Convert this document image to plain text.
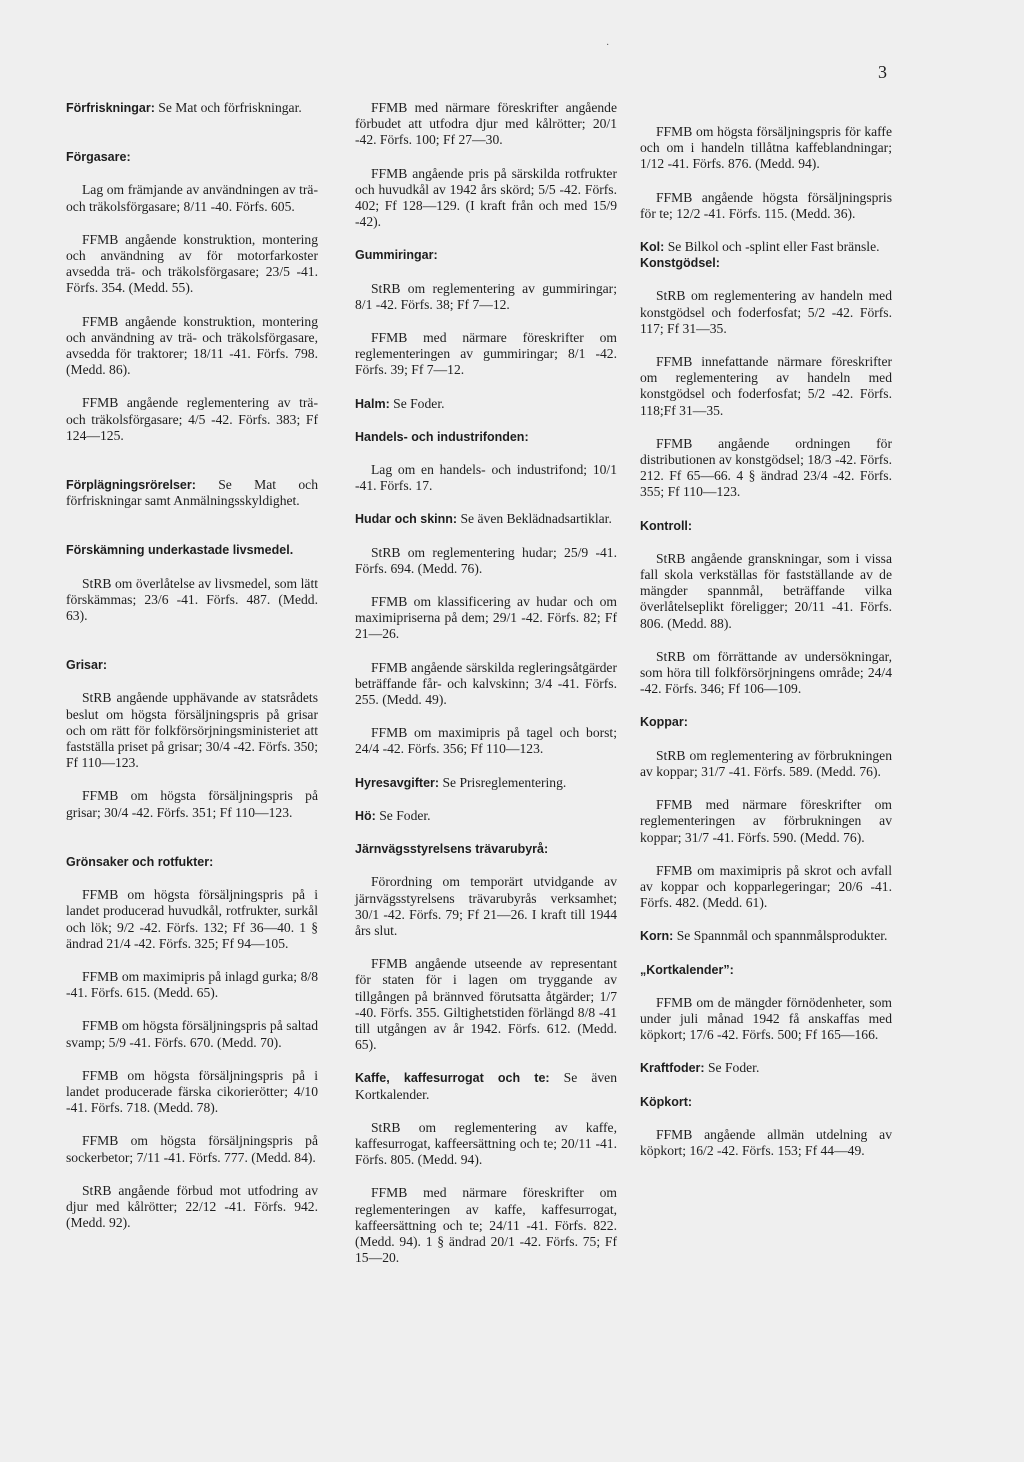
3
·

Förfriskningar: Se Mat och förfriskningar.

Förgasare:

Lag om främjande av användningen av trä- och träkolsförgasare; 8/11 -40. Förfs. 605.

FFMB angående konstruktion, montering och användning av för motorfarkoster avsedda trä- och träkolsförgasare; 23/5 -41. Förfs. 354. (Medd. 55).

FFMB angående konstruktion, montering och användning av trä- och träkolsförgasare, avsedda för traktorer; 18/11 -41. Förfs. 798. (Medd. 86).

FFMB angående reglementering av trä- och träkolsförgasare; 4/5 -42. Förfs. 383; Ff 124—125.

Förplägningsrörelser: Se Mat och förfriskningar samt Anmälningsskyldighet.

Förskämning underkastade livsmedel.

StRB om överlåtelse av livsmedel, som lätt förskämmas; 23/6 -41. Förfs. 487. (Medd. 63).

Grisar:

StRB angående upphävande av statsrådets beslut om högsta försäljningspris på grisar och om rätt för folkförsörjningsministeriet att fastställa priset på grisar; 30/4 -42. Förfs. 350; Ff 110—123.

FFMB om högsta försäljningspris på grisar; 30/4 -42. Förfs. 351; Ff 110—123.

Grönsaker och rotfukter:

FFMB om högsta försäljningspris på i landet producerad huvudkål, rotfrukter, surkål och lök; 9/2 -42. Förfs. 132; Ff 36—40. 1 § ändrad 21/4 -42. Förfs. 325; Ff 94—105.

FFMB om maximipris på inlagd gurka; 8/8 -41. Förfs. 615. (Medd. 65).

FFMB om högsta försäljningspris på saltad svamp; 5/9 -41. Förfs. 670. (Medd. 70).

FFMB om högsta försäljningspris på i landet producerade färska cikorierötter; 4/10 -41. Förfs. 718. (Medd. 78).

FFMB om högsta försäljningspris på sockerbetor; 7/11 -41. Förfs. 777. (Medd. 84).

StRB angående förbud mot utfodring av djur med kålrötter; 22/12 -41. Förfs. 942. (Medd. 92).

FFMB med närmare föreskrifter angående förbudet att utfodra djur med kålrötter; 20/1 -42. Förfs. 100; Ff 27—30.

FFMB angående pris på särskilda rotfrukter och huvudkål av 1942 års skörd; 5/5 -42. Förfs. 402; Ff 128—129. (I kraft från och med 15/9 -42).

Gummiringar:

StRB om reglementering av gummiringar; 8/1 -42. Förfs. 38; Ff 7—12.

FFMB med närmare föreskrifter om reglementeringen av gummiringar; 8/1 -42. Förfs. 39; Ff 7—12.

Halm: Se Foder.

Handels- och industrifonden:

Lag om en handels- och industrifond; 10/1 -41. Förfs. 17.

Hudar och skinn: Se även Beklädnadsartiklar.

StRB om reglementering hudar; 25/9 -41. Förfs. 694. (Medd. 76).

FFMB om klassificering av hudar och om maximipriserna på dem; 29/1 -42. Förfs. 82; Ff 21—26.

FFMB angående särskilda regleringsåtgärder beträffande får- och kalvskinn; 3/4 -41. Förfs. 255. (Medd. 49).

FFMB om maximipris på tagel och borst; 24/4 -42. Förfs. 356; Ff 110—123.

Hyresavgifter: Se Prisreglementering.

Hö: Se Foder.

Järnvägsstyrelsens trävarubyrå:

Förordning om temporärt utvidgande av järnvägsstyrelsens trävarubyrås verksamhet; 30/1 -42. Förfs. 79; Ff 21—26. I kraft till 1944 års slut.

FFMB angående utseende av representant för staten för i lagen om tryggande av tillgången på brännved förutsatta åtgärder; 1/7 -40. Förfs. 355. Giltighetstiden förlängd 8/8 -41 till utgången av år 1942. Förfs. 612. (Medd. 65).

Kaffe, kaffesurrogat och te: Se även Kortkalender.

StRB om reglementering av kaffe, kaffesurrogat, kaffeersättning och te; 20/11 -41. Förfs. 805. (Medd. 94).

FFMB med närmare föreskrifter om reglementeringen av kaffe, kaffesurrogat, kaffeersättning och te; 24/11 -41. Förfs. 822. (Medd. 94). 1 § ändrad 20/1 -42. Förfs. 75; Ff 15—20.

FFMB om högsta försäljningspris för kaffe och om i handeln tillåtna kaffeblandningar; 1/12 -41. Förfs. 876. (Medd. 94).

FFMB angående högsta försäljningspris för te; 12/2 -41. Förfs. 115. (Medd. 36).

Kol: Se Bilkol och -splint eller Fast bränsle.

Konstgödsel:

StRB om reglementering av handeln med konstgödsel och foderfosfat; 5/2 -42. Förfs. 117; Ff 31—35.

FFMB innefattande närmare föreskrifter om reglementering av handeln med konstgödsel och foderfosfat; 5/2 -42. Förfs. 118;Ff 31—35.

FFMB angående ordningen för distributionen av konstgödsel; 18/3 -42. Förfs. 212. Ff 65—66. 4 § ändrad 23/4 -42. Förfs. 355; Ff 110—123.

Kontroll:

StRB angående granskningar, som i vissa fall skola verkställas för fastställande av de mängder spannmål, beträffande vilka överlåtelseplikt föreligger; 20/11 -41. Förfs. 806. (Medd. 88).

StRB om förrättande av undersökningar, som höra till folkförsörjningens område; 24/4 -42. Förfs. 346; Ff 106—109.

Koppar:

StRB om reglementering av förbrukningen av koppar; 31/7 -41. Förfs. 589. (Medd. 76).

FFMB med närmare föreskrifter om reglementeringen av förbrukningen av koppar; 31/7 -41. Förfs. 590. (Medd. 76).

FFMB om maximipris på skrot och avfall av koppar och kopparlegeringar; 20/6 -41. Förfs. 482. (Medd. 61).

Korn: Se Spannmål och spannmålsprodukter.

„Kortkalender”:

FFMB om de mängder förnödenheter, som under juli månad 1942 få anskaffas med köpkort; 17/6 -42. Förfs. 500; Ff 165—166.

Kraftfoder: Se Foder.

Köpkort:

FFMB angående allmän utdelning av köpkort; 16/2 -42. Förfs. 153; Ff 44—49.
